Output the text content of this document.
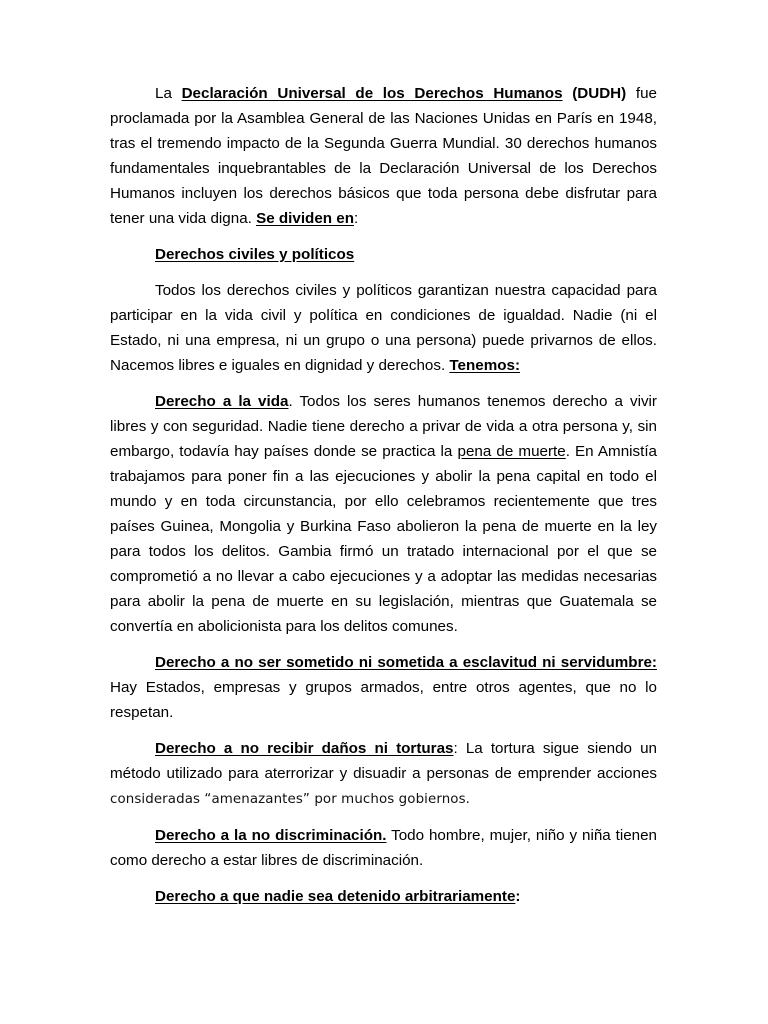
La Declaración Universal de los Derechos Humanos (DUDH) fue proclamada por la Asamblea General de las Naciones Unidas en París en 1948, tras el tremendo impacto de la Segunda Guerra Mundial. 30 derechos humanos fundamentales inquebrantables de la Declaración Universal de los Derechos Humanos incluyen los derechos básicos que toda persona debe disfrutar para tener una vida digna. Se dividen en:

Derechos civiles y políticos

Todos los derechos civiles y políticos garantizan nuestra capacidad para participar en la vida civil y política en condiciones de igualdad. Nadie (ni el Estado, ni una empresa, ni un grupo o una persona) puede privarnos de ellos. Nacemos libres e iguales en dignidad y derechos. Tenemos:

Derecho a la vida. Todos los seres humanos tenemos derecho a vivir libres y con seguridad. Nadie tiene derecho a privar de vida a otra persona y, sin embargo, todavía hay países donde se practica la pena de muerte. En Amnistía trabajamos para poner fin a las ejecuciones y abolir la pena capital en todo el mundo y en toda circunstancia, por ello celebramos recientemente que tres países Guinea, Mongolia y Burkina Faso abolieron la pena de muerte en la ley para todos los delitos. Gambia firmó un tratado internacional por el que se comprometió a no llevar a cabo ejecuciones y a adoptar las medidas necesarias para abolir la pena de muerte en su legislación, mientras que Guatemala se convertía en abolicionista para los delitos comunes.

Derecho a no ser sometido ni sometida a esclavitud ni servidumbre: Hay Estados, empresas y grupos armados, entre otros agentes, que no lo respetan.

Derecho a no recibir daños ni torturas: La tortura sigue siendo un método utilizado para aterrorizar y disuadir a personas de emprender acciones consideradas “amenazantes” por muchos gobiernos.

Derecho a la no discriminación. Todo hombre, mujer, niño y niña tienen como derecho a estar libres de discriminación.

Derecho a que nadie sea detenido arbitrariamente:
